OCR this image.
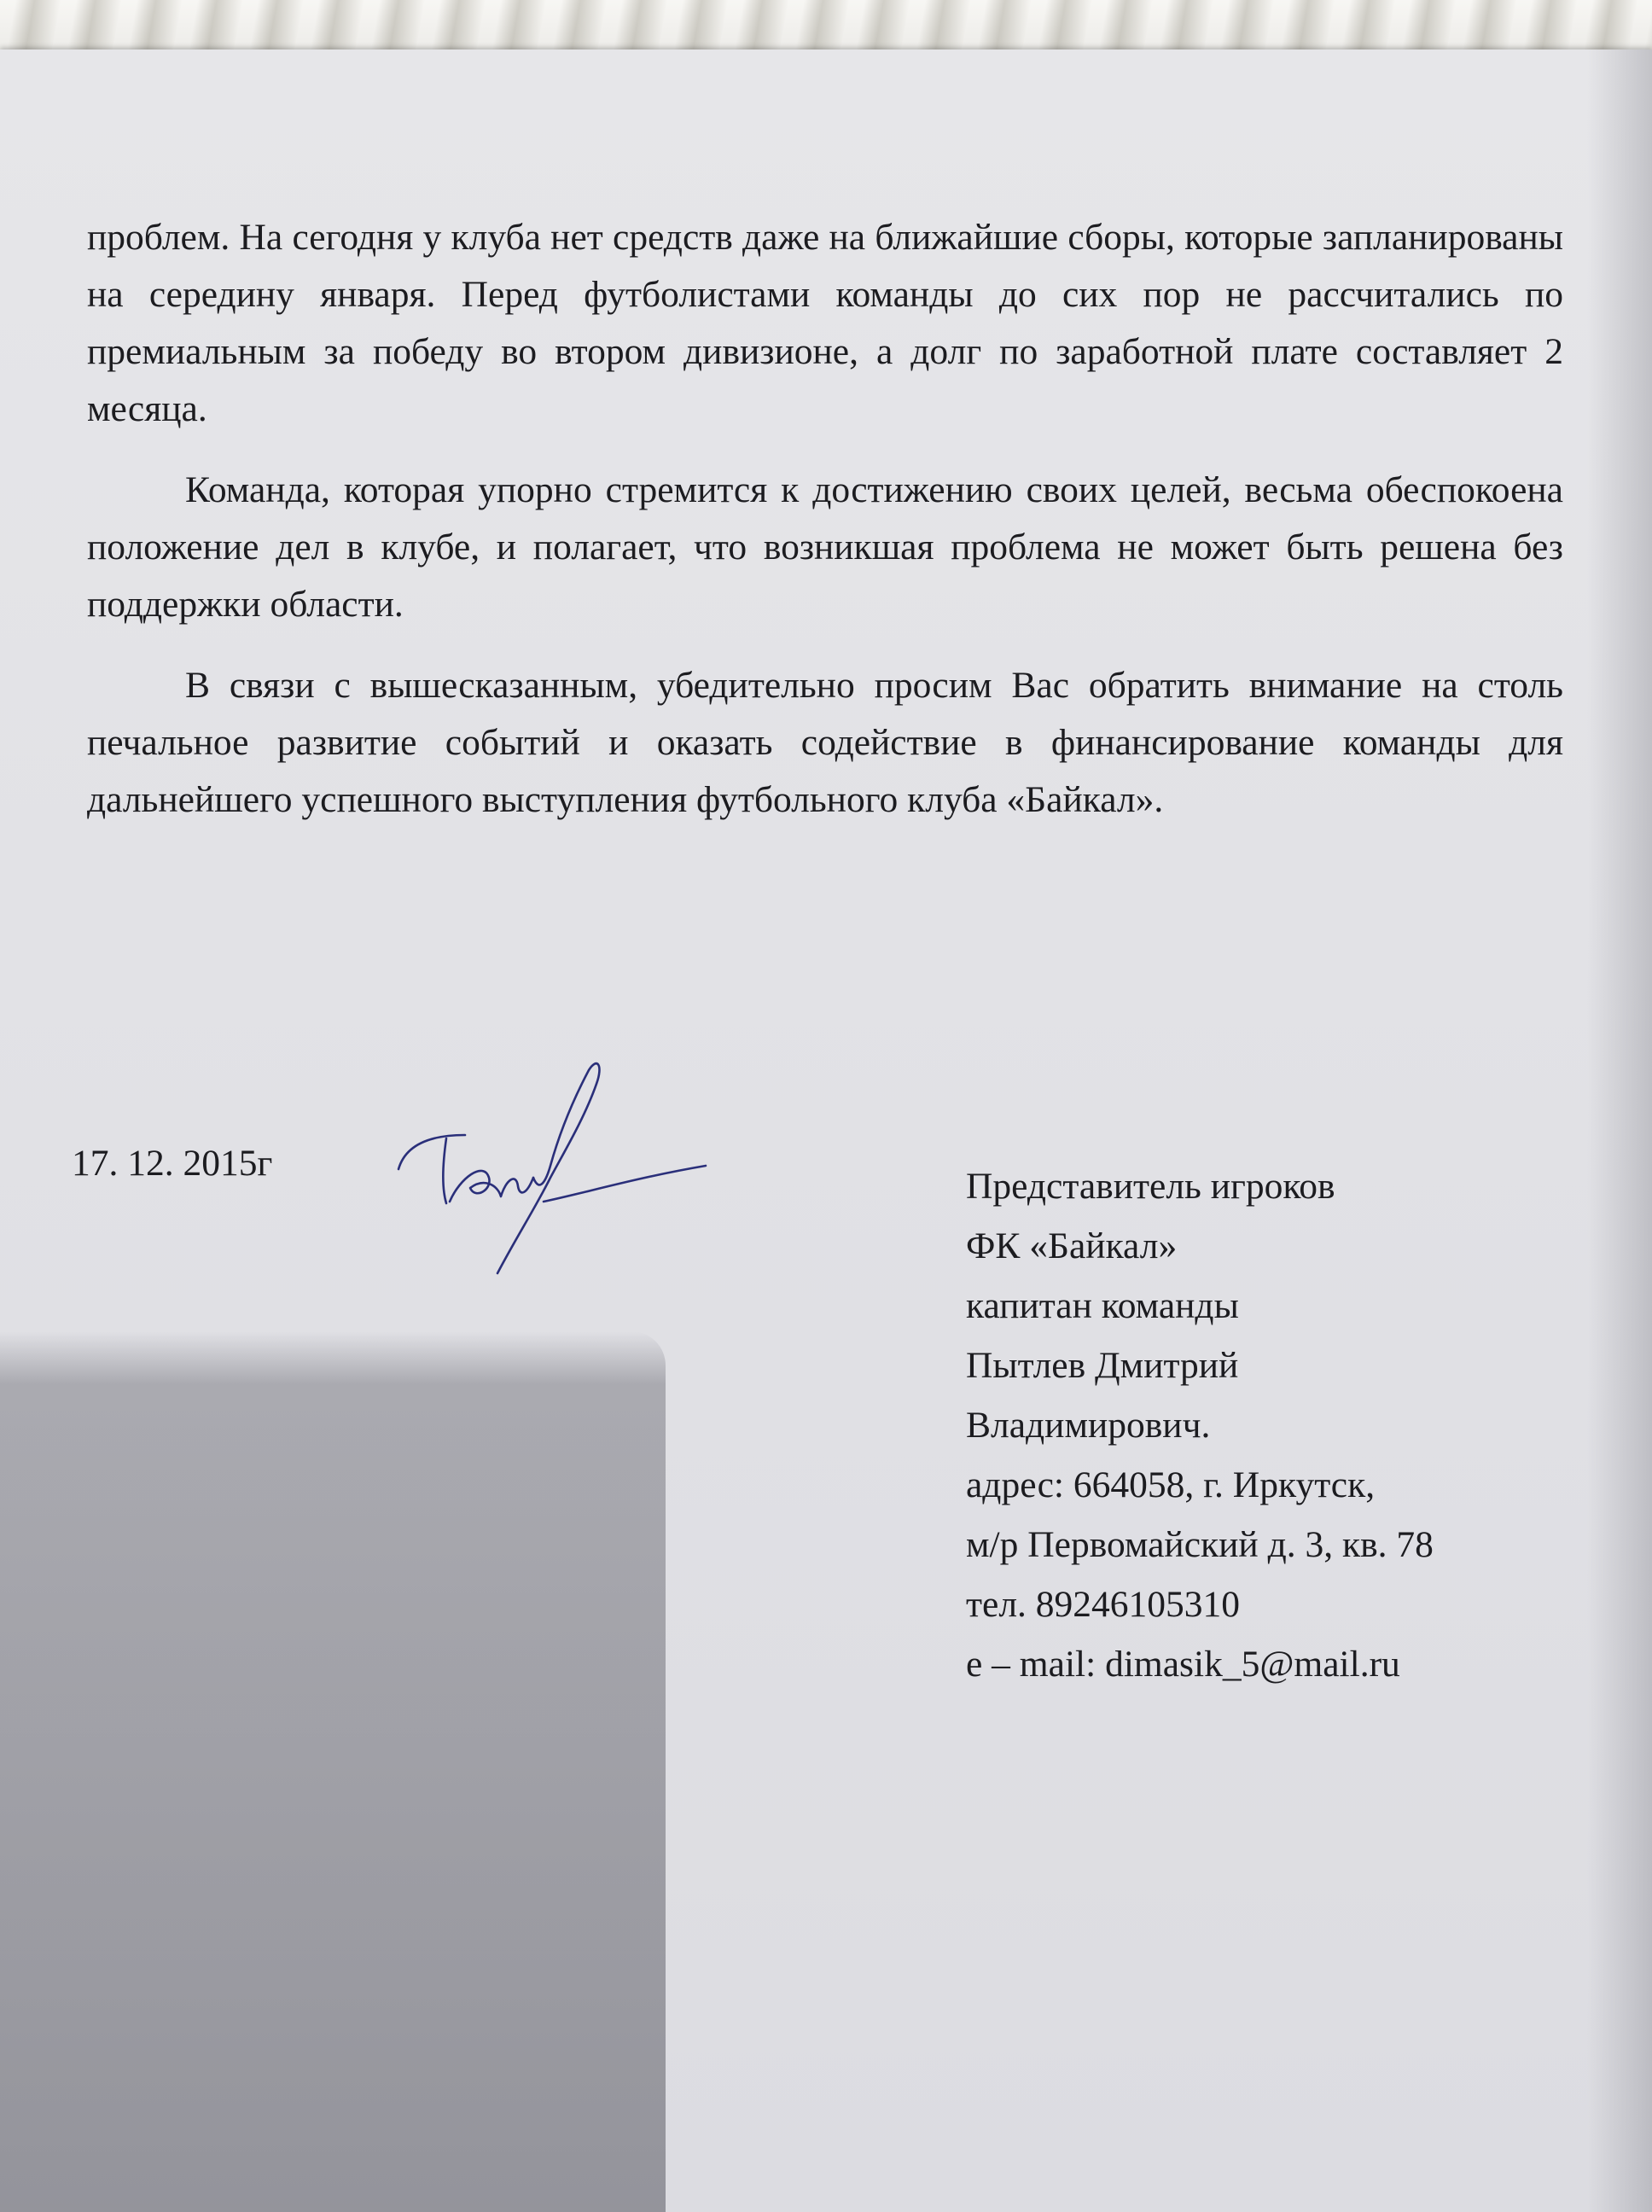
проблем. На сегодня у клуба нет средств даже на ближайшие сборы, которые запланированы на середину января. Перед футболистами команды до сих пор не рассчитались по премиальным за победу во втором дивизионе, а долг по заработной плате составляет 2 месяца.

Команда, которая упорно стремится к достижению своих целей, весьма обеспокоена положение дел в клубе, и полагает, что возникшая проблема не может быть решена без поддержки области.

В связи с вышесказанным, убедительно просим Вас обратить внимание на столь печальное развитие событий и оказать содействие в финансирование команды для дальнейшего успешного выступления футбольного клуба «Байкал».

17. 12. 2015г
Представитель игроков
ФК «Байкал»
капитан команды
Пытлев Дмитрий
Владимирович.
адрес: 664058, г. Иркутск,
м/р Первомайский д. 3, кв. 78
тел. 89246105310
e – mail: dimasik_5@mail.ru
